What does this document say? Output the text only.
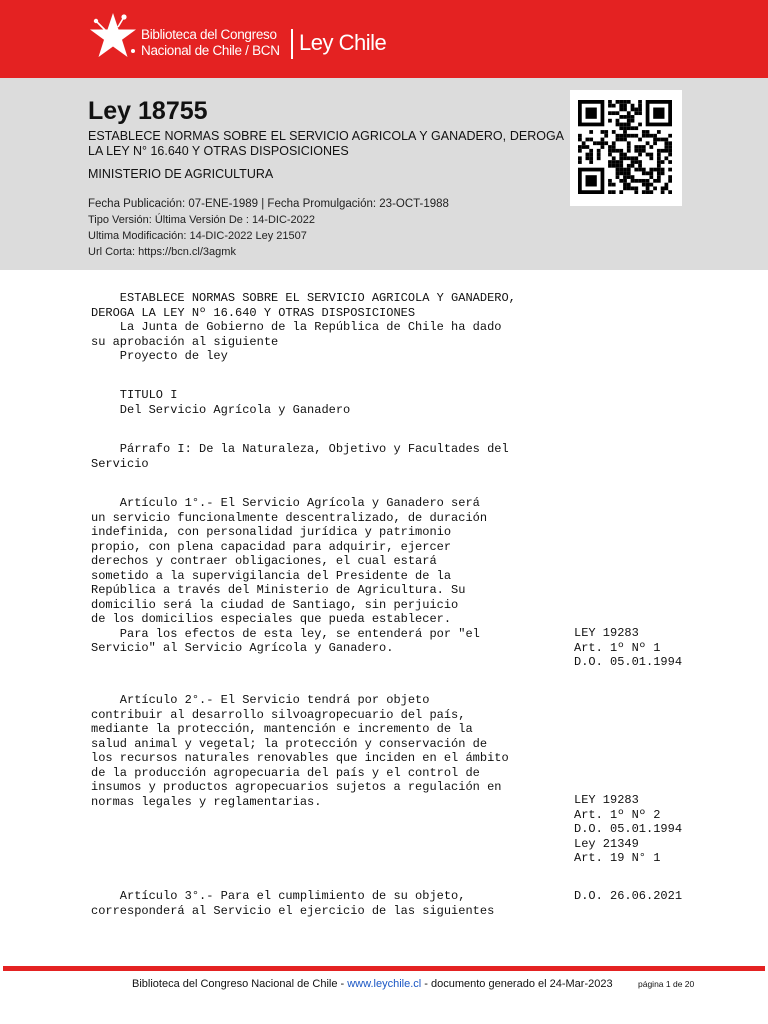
Biblioteca del Congreso
Nacional de Chile / BCN Ley Chile
Ley 18755
ESTABLECE NORMAS SOBRE EL SERVICIO AGRICOLA Y GANADERO, DEROGA LA LEY N° 16.640 Y OTRAS DISPOSICIONES
MINISTERIO DE AGRICULTURA
Fecha Publicación: 07-ENE-1989 | Fecha Promulgación: 23-OCT-1988
Tipo Versión: Última Versión De : 14-DIC-2022
Ultima Modificación: 14-DIC-2022 Ley 21507
Url Corta: https://bcn.cl/3agmk
ESTABLECE NORMAS SOBRE EL SERVICIO AGRICOLA Y GANADERO,
DEROGA LA LEY Nº 16.640 Y OTRAS DISPOSICIONES
La Junta de Gobierno de la República de Chile ha dado
su aprobación al siguiente
Proyecto de ley
TITULO I
Del Servicio Agrícola y Ganadero
Párrafo I: De la Naturaleza, Objetivo y Facultades del
Servicio
Artículo 1°.- El Servicio Agrícola y Ganadero será
un servicio funcionalmente descentralizado, de duración
indefinida, con personalidad jurídica y patrimonio
propio, con plena capacidad para adquirir, ejercer
derechos y contraer obligaciones, el cual estará
sometido a la supervigilancia del Presidente de la
República a través del Ministerio de Agricultura. Su
domicilio será la ciudad de Santiago, sin perjuicio
de los domicilios especiales que pueda establecer.
Para los efectos de esta ley, se entenderá por "el
Servicio" al Servicio Agrícola y Ganadero.
LEY 19283
Art. 1º Nº 1
D.O. 05.01.1994
Artículo 2°.- El Servicio tendrá por objeto
contribuir al desarrollo silvoagropecuario del país,
mediante la protección, mantención e incremento de la
salud animal y vegetal; la protección y conservación de
los recursos naturales renovables que inciden en el ámbito
de la producción agropecuaria del país y el control de
insumos y productos agropecuarios sujetos a regulación en
normas legales y reglamentarias.	LEY 19283
Art. 1º Nº 2
D.O. 05.01.1994
Ley 21349
Art. 19 N° 1
Artículo 3°.- Para el cumplimiento de su objeto,
corresponderá al Servicio el ejercicio de las siguientes
D.O. 26.06.2021
Biblioteca del Congreso Nacional de Chile - www.leychile.cl - documento generado el 24-Mar-2023	página 1 de 20
